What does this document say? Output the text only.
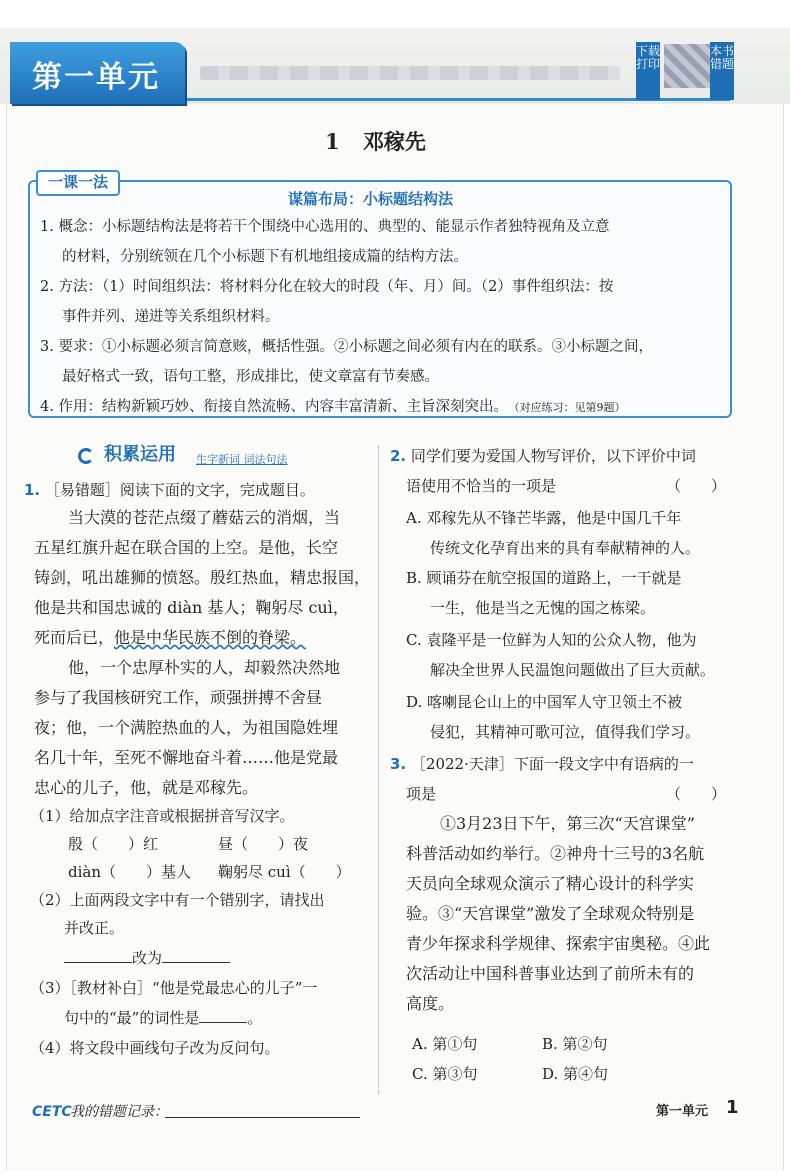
第一单元
下载打印
本书错题
1 邓稼先
一课一法
谋篇布局：小标题结构法
1. 概念：小标题结构法是将若干个围绕中心选用的、典型的、能显示作者独特视角及立意
的材料，分别统领在几个小标题下有机地组接成篇的结构方法。
2. 方法：（1）时间组织法：将材料分化在较大的时段（年、月）间。（2）事件组织法：按
事件并列、递进等关系组织材料。
3. 要求：①小标题必须言简意赅，概括性强。②小标题之间必须有内在的联系。③小标题之间，
最好格式一致，语句工整，形成排比，使文章富有节奏感。
4. 作用：结构新颖巧妙、衔接自然流畅、内容丰富清新、主旨深刻突出。 （对应练习：见第9题）
积累运用 生字新词 词法句法
1. ［易错题］阅读下面的文字，完成题目。
当大漠的苍茫点缀了蘑菇云的消烟，当
五星红旗升起在联合国的上空。是他，长空
铸剑，吼出雄狮的愤怒。殷红热血，精忠报国，
他是共和国忠诚的 diàn 基人；鞠躬尽 cuì，
死而后已，他是中华民族不倒的脊梁。
他，一个忠厚朴实的人，却毅然决然地
参与了我国核研究工作，顽强拼搏不舍昼
夜；他，一个满腔热血的人，为祖国隐姓埋
名几十年，至死不懈地奋斗着……他是党最
忠心的儿子，他，就是邓稼先。
（1）给加点字注音或根据拼音写汉字。
殷（　　）红	昼（　　）夜
diàn（　　）基人 鞠躬尽 cuì（　　）
（2）上面两段文字中有一个错别字，请找出
并改正。
改为
（3）［教材补白］“他是党最忠心的儿子”一
句中的“最”的词性是	。
（4）将文段中画线句子改为反问句。
2. 同学们要为爱国人物写评价，以下评价中词
语使用不恰当的一项是	（　　）
A. 邓稼先从不锋芒毕露，他是中国几千年
传统文化孕育出来的具有奉献精神的人。
B. 顾诵芬在航空报国的道路上，一干就是
一生，他是当之无愧的国之栋梁。
C. 袁隆平是一位鲜为人知的公众人物，他为
解决全世界人民温饱问题做出了巨大贡献。
D. 喀喇昆仑山上的中国军人守卫领土不被
侵犯，其精神可歌可泣，值得我们学习。
3. ［2022·天津］下面一段文字中有语病的一
项是	（　　）
①3月23日下午，第三次“天宫课堂”
科普活动如约举行。②神舟十三号的3名航
天员向全球观众演示了精心设计的科学实
验。③“天宫课堂”激发了全球观众特别是
青少年探求科学规律、探索宇宙奥秘。④此
次活动让中国科普事业达到了前所未有的
高度。
A. 第①句	B. 第②句
C. 第③句	D. 第④句
CETC
我的错题记录：	第一单元 1
